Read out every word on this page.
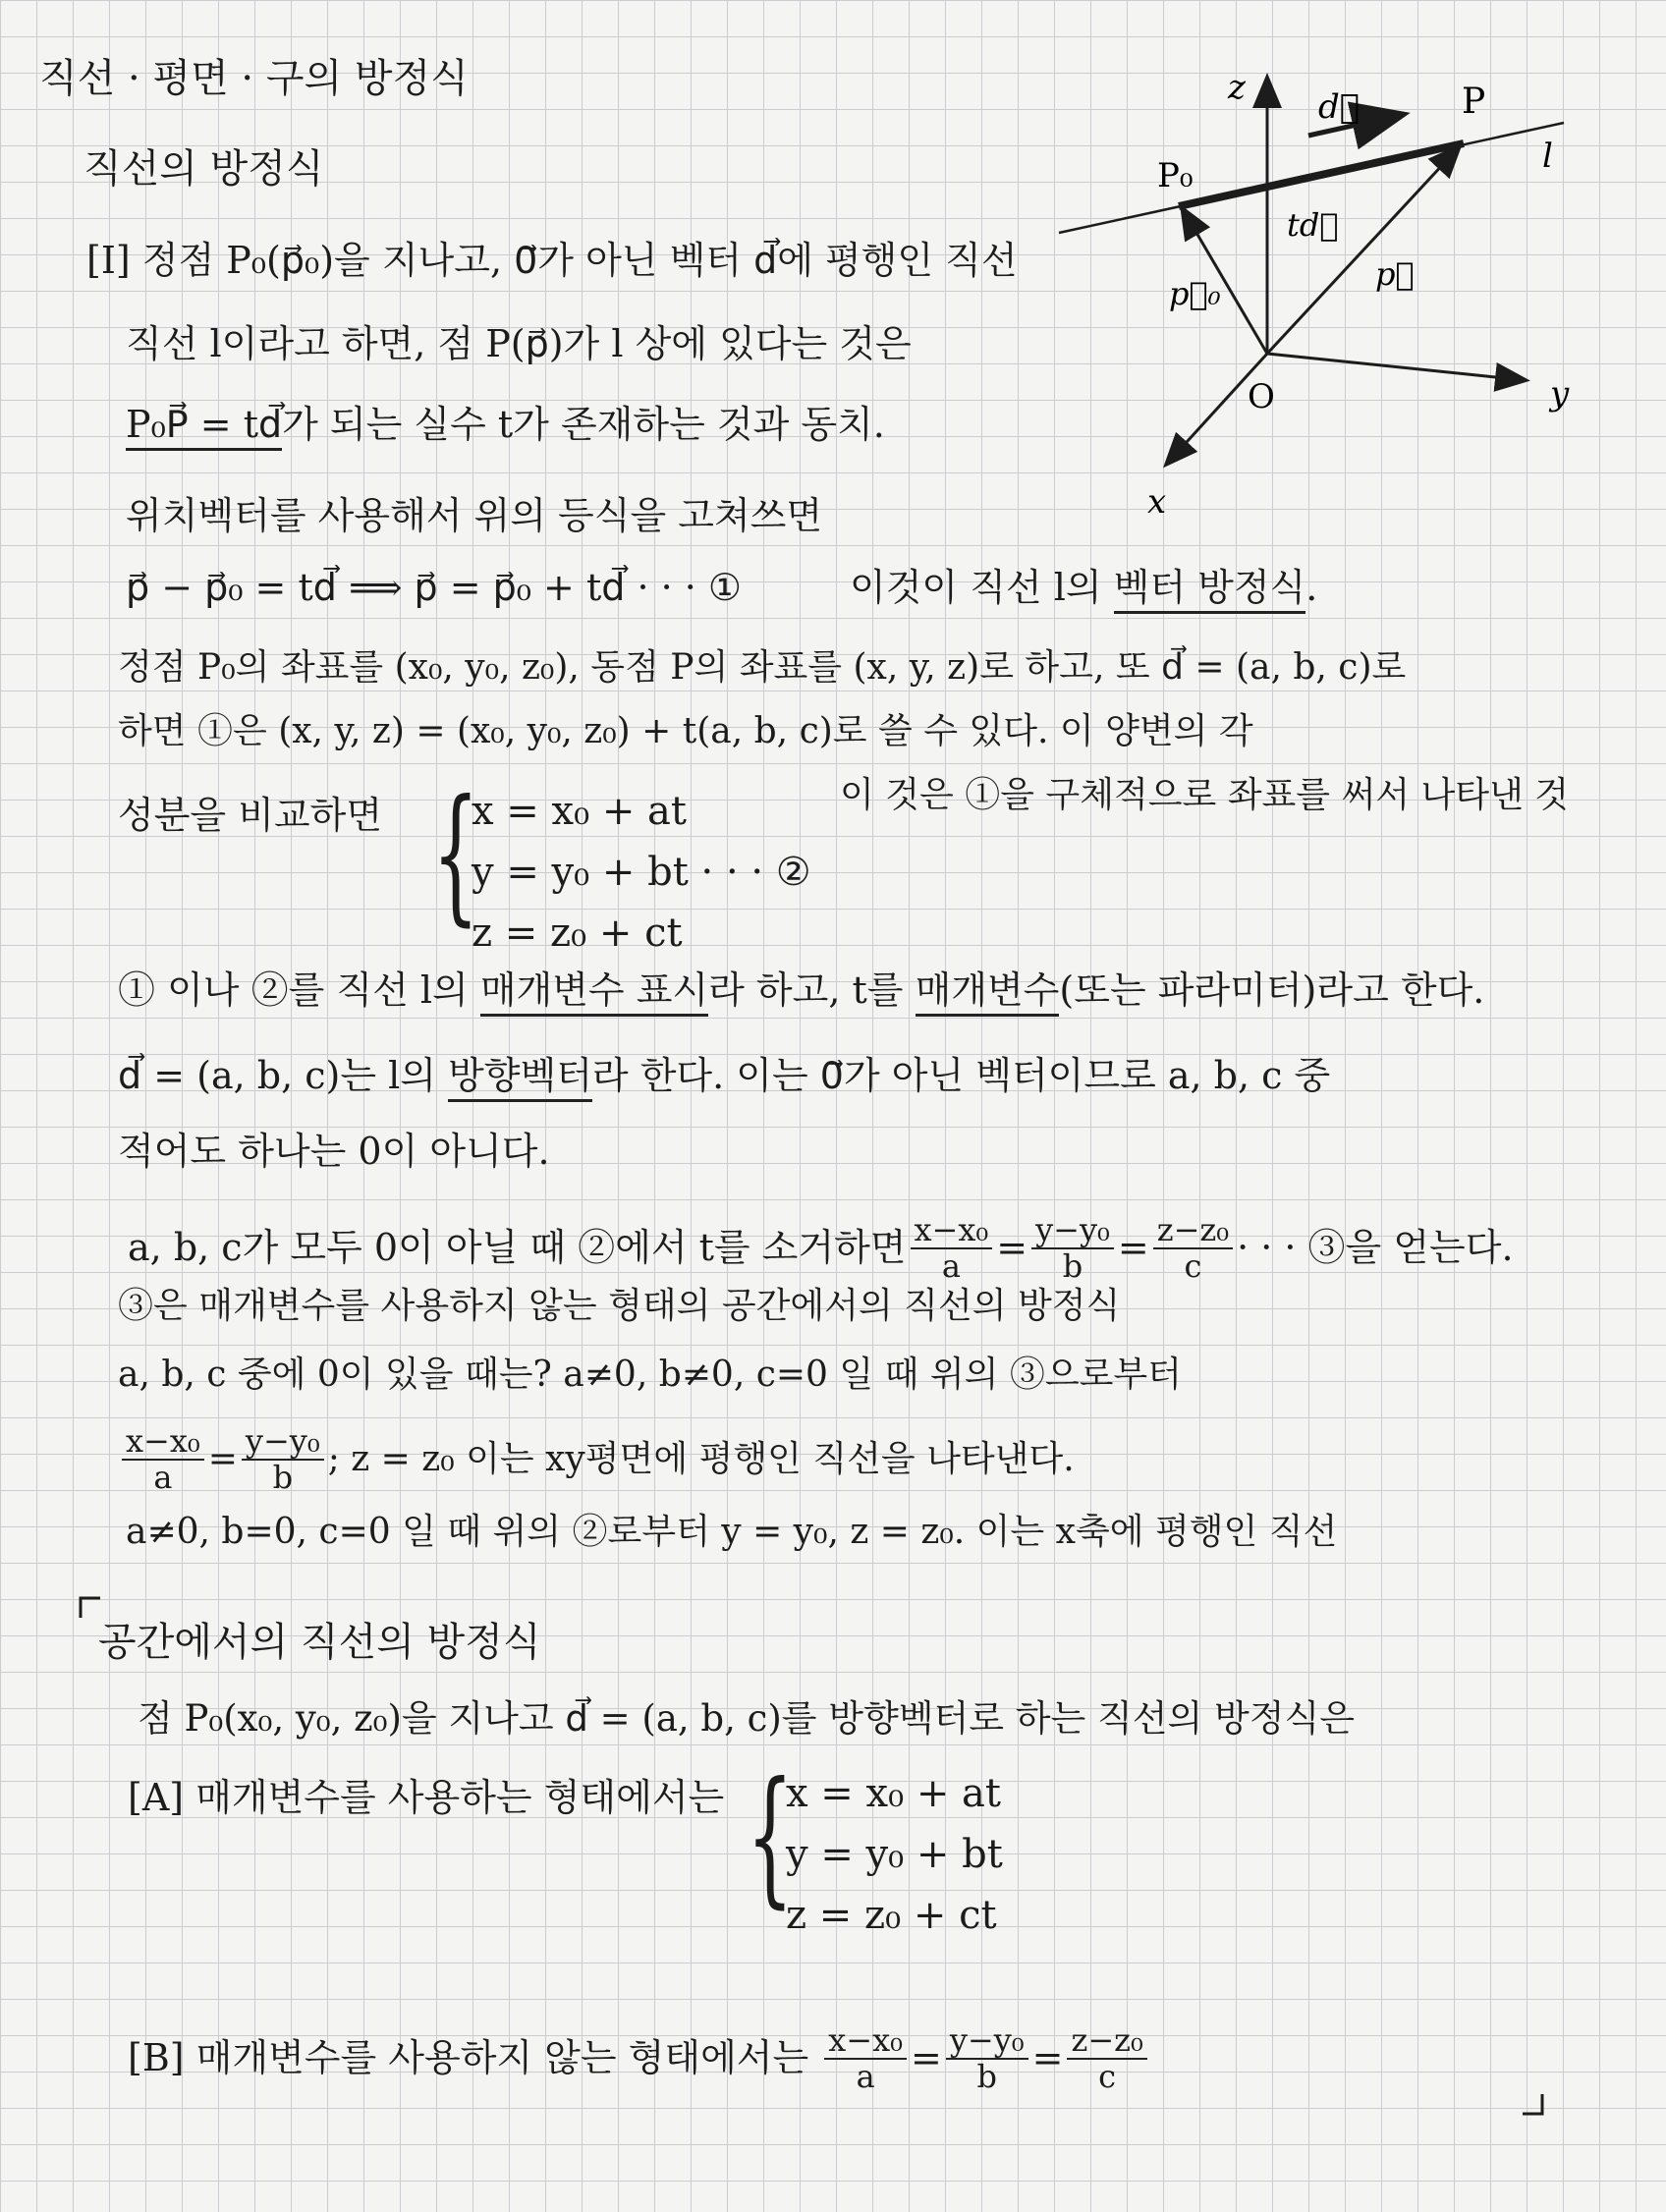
직선 · 평면 · 구의 방정식
직선의 방정식
[I] 정점 P₀(p⃗₀)을 지나고, 0⃗가 아닌 벡터 d⃗에 평행인 직선
직선 l이라고 하면, 점 P(p⃗)가 l 상에 있다는 것은
P₀P⃗ = td⃗가 되는 실수 t가 존재하는 것과 동치.
위치벡터를 사용해서 위의 등식을 고쳐쓰면
p⃗ − p⃗₀ = td⃗ ⟹ p⃗ = p⃗₀ + td⃗ · · · ①	이것이 직선 l의 벡터 방정식.
정점 P₀의 좌표를 (x₀, y₀, z₀), 동점 P의 좌표를 (x, y, z)로 하고, 또 d⃗ = (a, b, c)로
하면 ①은 (x, y, z) = (x₀, y₀, z₀) + t(a, b, c)로 쓸 수 있다. 이 양변의 각
성분을 비교하면 {
x = x₀ + at
y = y₀ + bt · · · ②
z = z₀ + ct
이 것은 ①을 구체적으로 좌표를 써서 나타낸 것
① 이나 ②를 직선 l의 매개변수 표시라 하고, t를 매개변수(또는 파라미터)라고 한다.
d⃗ = (a, b, c)는 l의 방향벡터라 한다. 이는 0⃗가 아닌 벡터이므로 a, b, c 중
적어도 하나는 0이 아니다.
a, b, c가 모두 0이 아닐 때 ②에서 t를 소거하면 $\frac{\text{x−x₀}}{a} = \frac{\text{y−y₀}}{b} = \frac{\text{z−z₀}}{c}$ · · · ③을 얻는다.
③은 매개변수를 사용하지 않는 형태의 공간에서의 직선의 방정식
a, b, c 중에 0이 있을 때는? a≠0, b≠0, c=0 일 때 위의 ③으로부터
$\frac{\text{x−x₀}}{a} = \frac{\text{y−y₀}}{b}$ ; z = z₀ 이는 xy평면에 평행인 직선을 나타낸다.
a≠0, b=0, c=0 일 때 위의 ②로부터 y = y₀, z = z₀. 이는 x축에 평행인 직선
공간에서의 직선의 방정식
점 P₀(x₀, y₀, z₀)을 지나고 d⃗ = (a, b, c)를 방향벡터로 하는 직선의 방정식은
[A] 매개변수를 사용하는 형태에서는 {
x = x₀ + at
y = y₀ + bt
z = z₀ + ct
[B] 매개변수를 사용하지 않는 형태에서는 $\frac{\text{x−x₀}}{a} = \frac{\text{y−y₀}}{b} = \frac{\text{z−z₀}}{c}$
z
y
x
O
P₀
P
l
d⃗
td⃗
p⃗₀
p⃗
